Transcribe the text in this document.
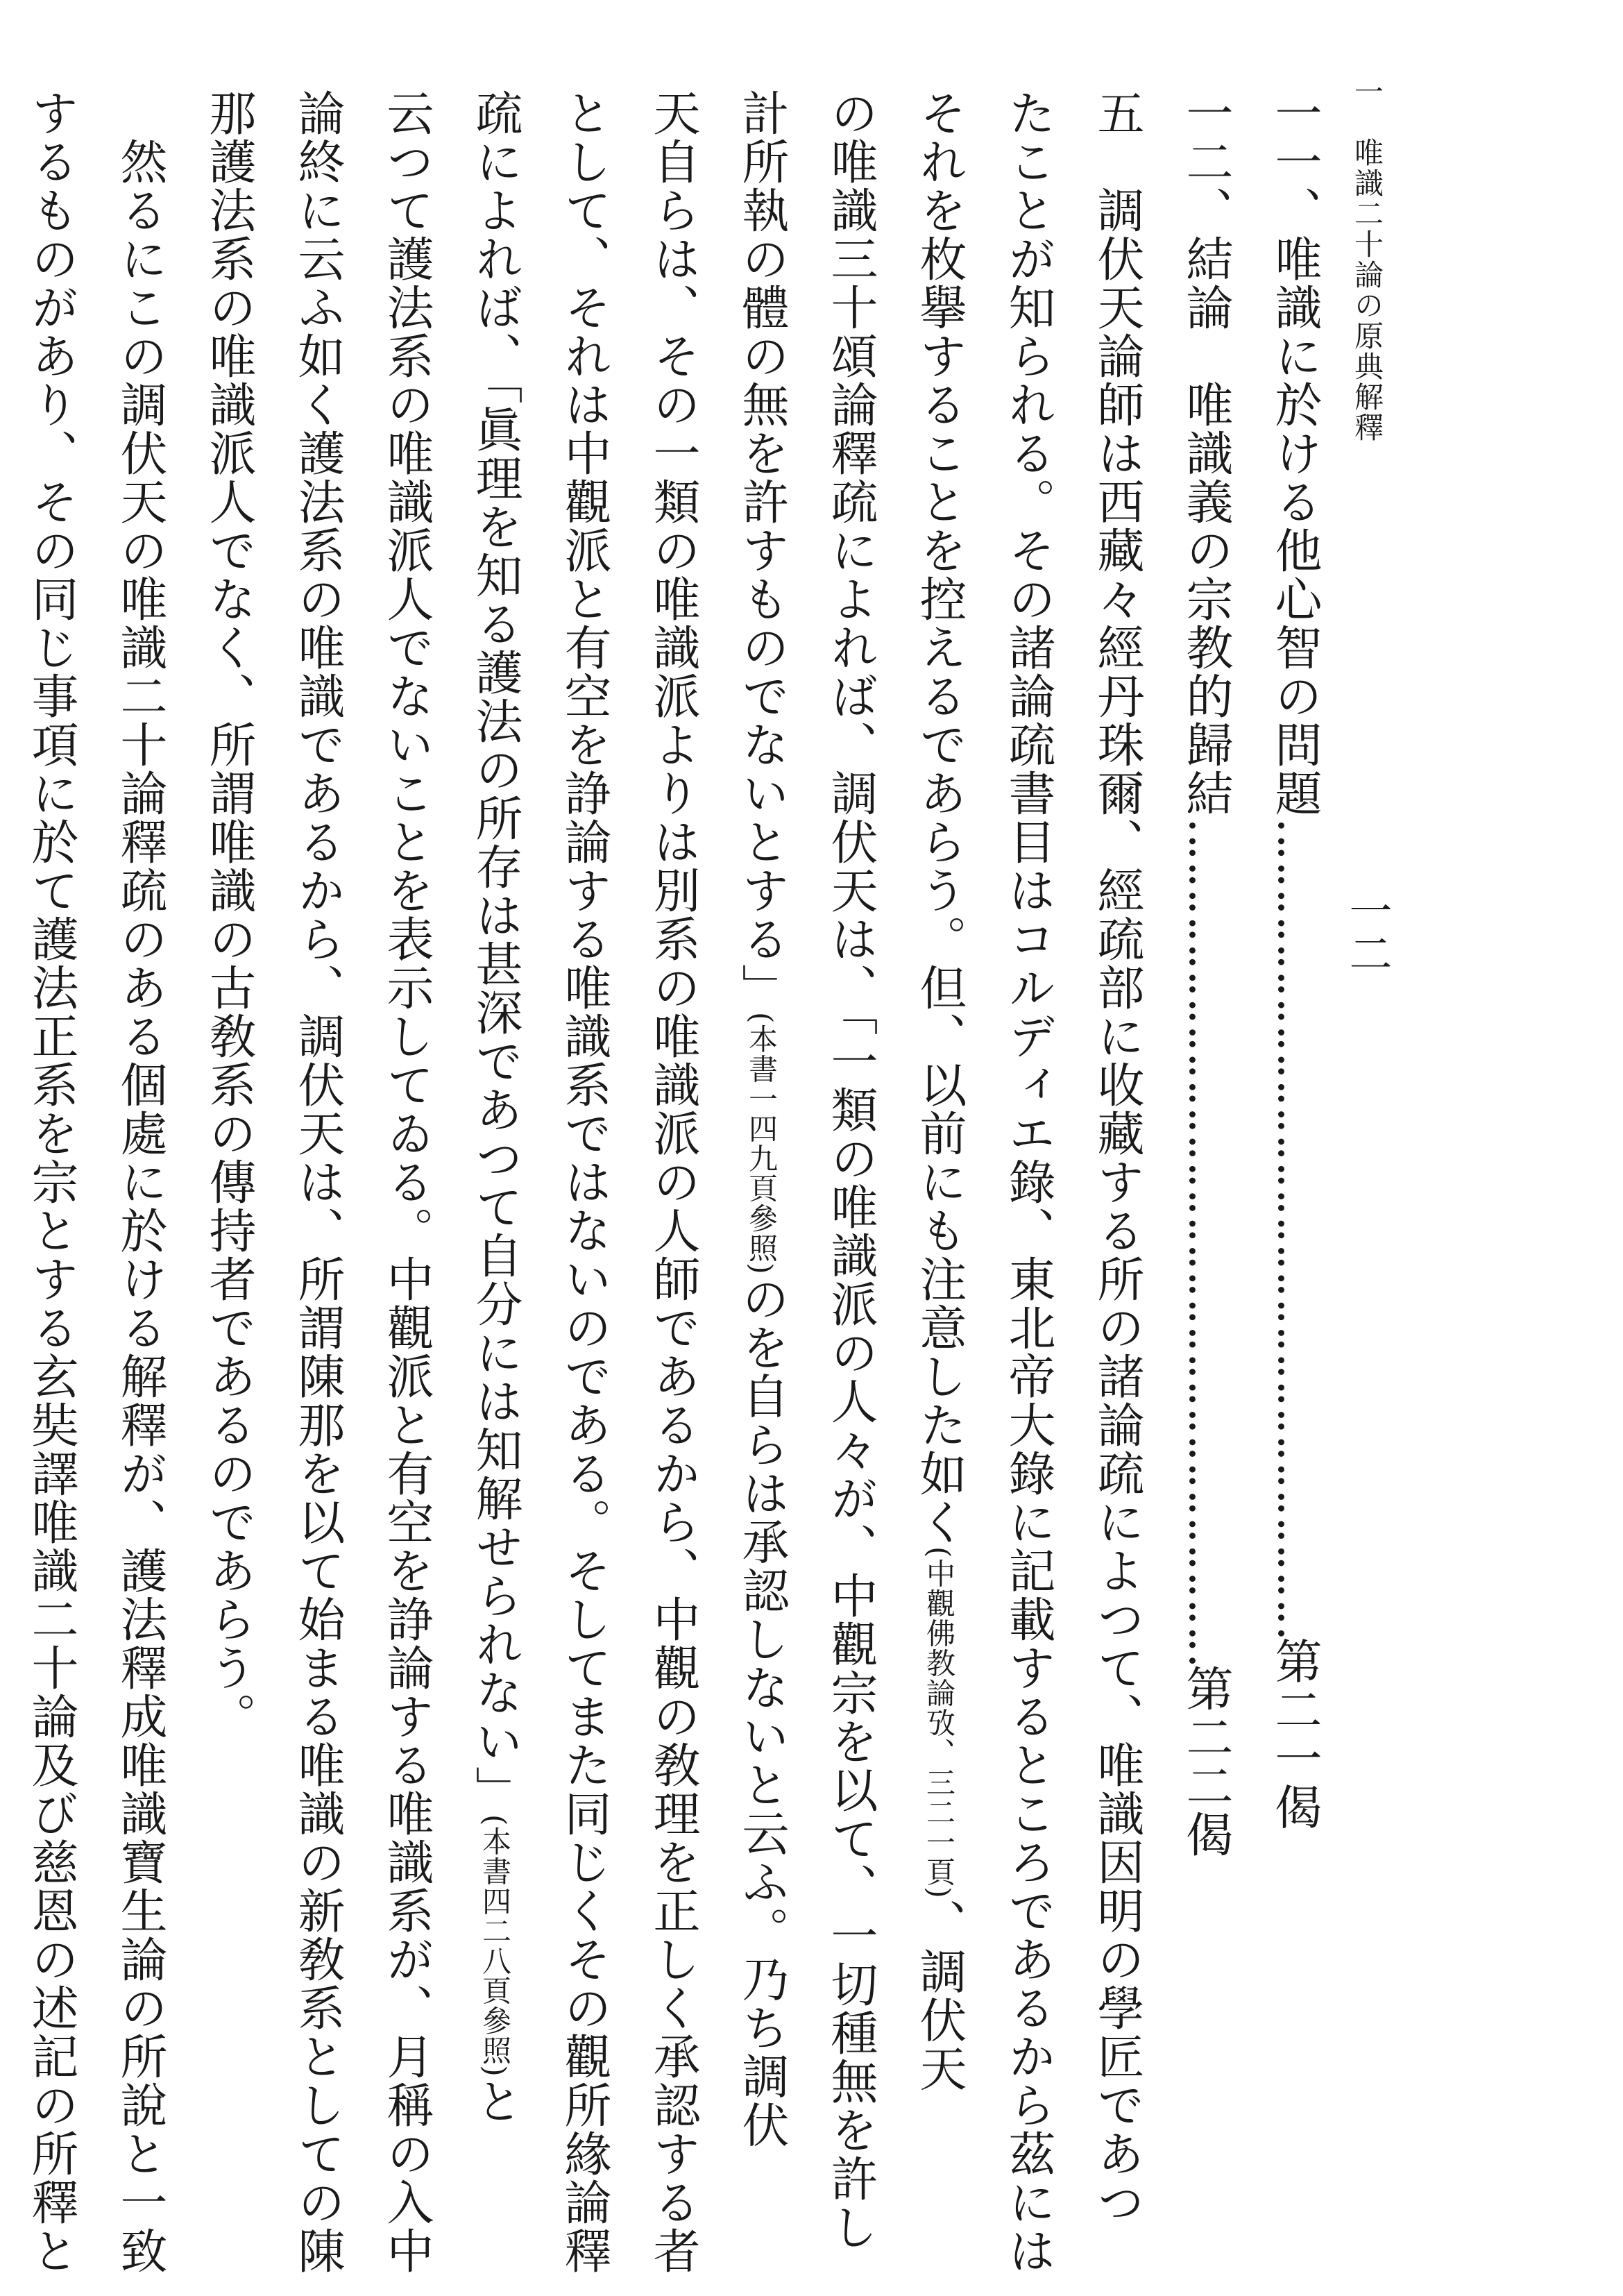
一　唯識二十論の原典解釋
一二
一一、唯識に於ける他心智の問題‥‥‥‥‥‥‥‥‥‥‥‥‥‥‥‥‥‥‥‥‥‥‥‥‥‥‥‥‥‥第二一偈
一二、結論　唯識義の宗教的歸結‥‥‥‥‥‥‥‥‥‥‥‥‥‥‥‥‥‥‥‥‥‥‥‥‥‥‥‥‥‥‥第二二偈
五　調伏天論師は西藏々經丹珠爾、經疏部に收藏する所の諸論疏によつて、唯識因明の學匠であつ
たことが知られる。その諸論疏書目はコルディエ錄、東北帝大錄に記載するところであるから茲には
それを枚擧することを控えるであらう。但、以前にも注意した如く(中觀佛教論攷、三二一頁)、調伏天
の唯識三十頌論釋疏によれば、調伏天は、「一類の唯識派の人々が、中觀宗を以て、一切種無を許し
計所執の體の無を許すものでないとする」(本書一四九頁參照)のを自らは承認しないと云ふ。乃ち調伏
天自らは、その一類の唯識派よりは別系の唯識派の人師であるから、中觀の敎理を正しく承認する者
として、それは中觀派と有空を諍論する唯識系ではないのである。そしてまた同じくその觀所緣論釋
疏によれば、「眞理を知る護法の所存は甚深であつて自分には知解せられない」(本書四二八頁參照)と
云つて護法系の唯識派人でないことを表示してゐる。中觀派と有空を諍論する唯識系が、月稱の入中
論終に云ふ如く護法系の唯識であるから、調伏天は、所謂陳那を以て始まる唯識の新敎系としての陳
那護法系の唯識派人でなく、所謂唯識の古敎系の傳持者であるのであらう。
　然るにこの調伏天の唯識二十論釋疏のある個處に於ける解釋が、護法釋成唯識寶生論の所說と一致
するものがあり、その同じ事項に於て護法正系を宗とする玄奘譯唯識二十論及び慈恩の述記の所釋と
